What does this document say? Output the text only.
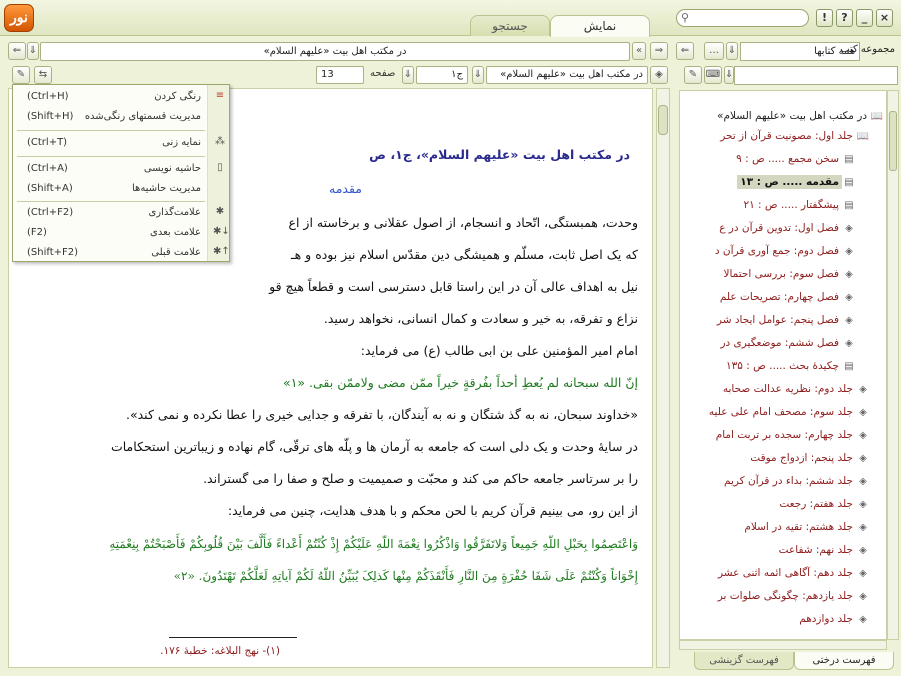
نور	جستجو	نمایش
⚲	!	?	_	×
⇐ ⇓	در مکتب اهل بیت «علیهم السلام»	«	⇒
✎	⇆	13	صفحه ⇓	ج۱	⇓	در مکتب اهل بیت «علیهم السلام»	◈

در مکتب اهل بیت «علیهم السلام»، ج۱، ص

مقدمه

وحدت، همبستگی، اتّحاد و انسجام، از اصول عقلانی و برخاسته از اع

که یک اصل ثابت، مسلّم و همیشگی دین مقدّس اسلام نیز بوده و هـ

نیل به اهداف عالی آن در این راستا قابل دسترسی است و قطعاً هیچ قو

نزاع و تفرقه، به خیر و سعادت و کمال انسانی، نخواهد رسید.

امام امیر المؤمنین علی بن ابی طالب (ع) می فرماید:

إنّ الله سبحانه لم یُعطِ أحداً بفُرقةٍ خیراً ممّن مضی ولاممّن بقی. «۱»

«خداوند سبحان، نه به گذ شتگان و نه به آیندگان، با تفرقه و جدایی خیری را عطا نکرده و نمی کند».

در سایهٔ وحدت و یک دلی است که جامعه به آرمان ها و پلّه های ترقّی، گام نهاده و زیباترین استحکامات

را بر سرتاسر جامعه حاکم می کند و محبّت و صمیمیت و صلح و صفا را می گستراند.

از این رو، می بینیم قرآن کریم با لحن محکم و با هدف هدایت، چنین می فرماید:

وَاعْتَصِمُوا بِحَبْلِ اللّهِ جَمِیعاً وَلاتَفَرَّقُوا وَاذْکُرُوا نِعْمَةَ اللّهِ عَلَیْکُمْ إِذْ کُنْتُمْ أَعْداءً فَأَلَّفَ بَیْنَ قُلُوبِکُمْ فَأَصْبَحْتُمْ بِنِعْمَتِهِ

إِخْوَاناً وَکُنْتُمْ عَلَی شَفَا حُفْرَةٍ مِنَ النَّارِ فَأَنْقَذَکُمْ مِنْها کَذلِکَ یُبَیِّنُ اللّهُ لَکُمْ آیاتِهِ لَعَلَّکُمْ تَهْتَدُونَ. «۲»

(۱)- نهج البلاغه: خطبهٔ ۱۷۶.

(Ctrl+H)	رنگی کردن ≡
(Shift+H) مدیریت قسمتهای رنگی‌شده
(Ctrl+T)	نمایه زنی ⁂
(Ctrl+A)	حاشیه نویسی	▯
(Shift+A)	مدیریت حاشیه‌ها
(Ctrl+F2)	علامت‌گذاری ✱
(F2)	علامت بعدی ✱↓
(Shift+F2)	علامت قبلی ✱↑
⇐	… ⇓	همه کتابها
مجموعه کتب
✎ ⌨ ⇓
📖در مکتب اهل بیت «علیهم السلام»
📖جلد اول: مصونیت قرآن از تحر
▤سخن مجمع ..... ص : ۹
▤مقدمه ..... ص : ۱۳
▤پیشگفتار ..... ص : ۲۱
◈فصل اول: تدوین قرآن در ع
◈فصل دوم: جمع آوری قرآن د
◈فصل سوم: بررسی احتمالا
◈فصل چهارم: تصریحات علم
◈فصل پنجم: عوامل ایجاد شر
◈فصل ششم: موضعگیری در
▤چکیدهٔ بحث ..... ص : ۱۳۵
◈جلد دوم: نظریه عدالت صحابه
◈جلد سوم: مصحف امام علی علیه
◈جلد چهارم: سجده بر تربت امام
◈جلد پنجم: ازدواج موقت
◈جلد ششم: بداء در قرآن کریم
◈جلد هفتم: رجعت
◈جلد هشتم: تقیه در اسلام
◈جلد نهم: شفاعت
◈جلد دهم: آگاهی ائمه اثنی عشر
◈جلد یازدهم: چگونگی صلوات بر
◈جلد دوازدهم
فهرست درختی
فهرست گزینشی
